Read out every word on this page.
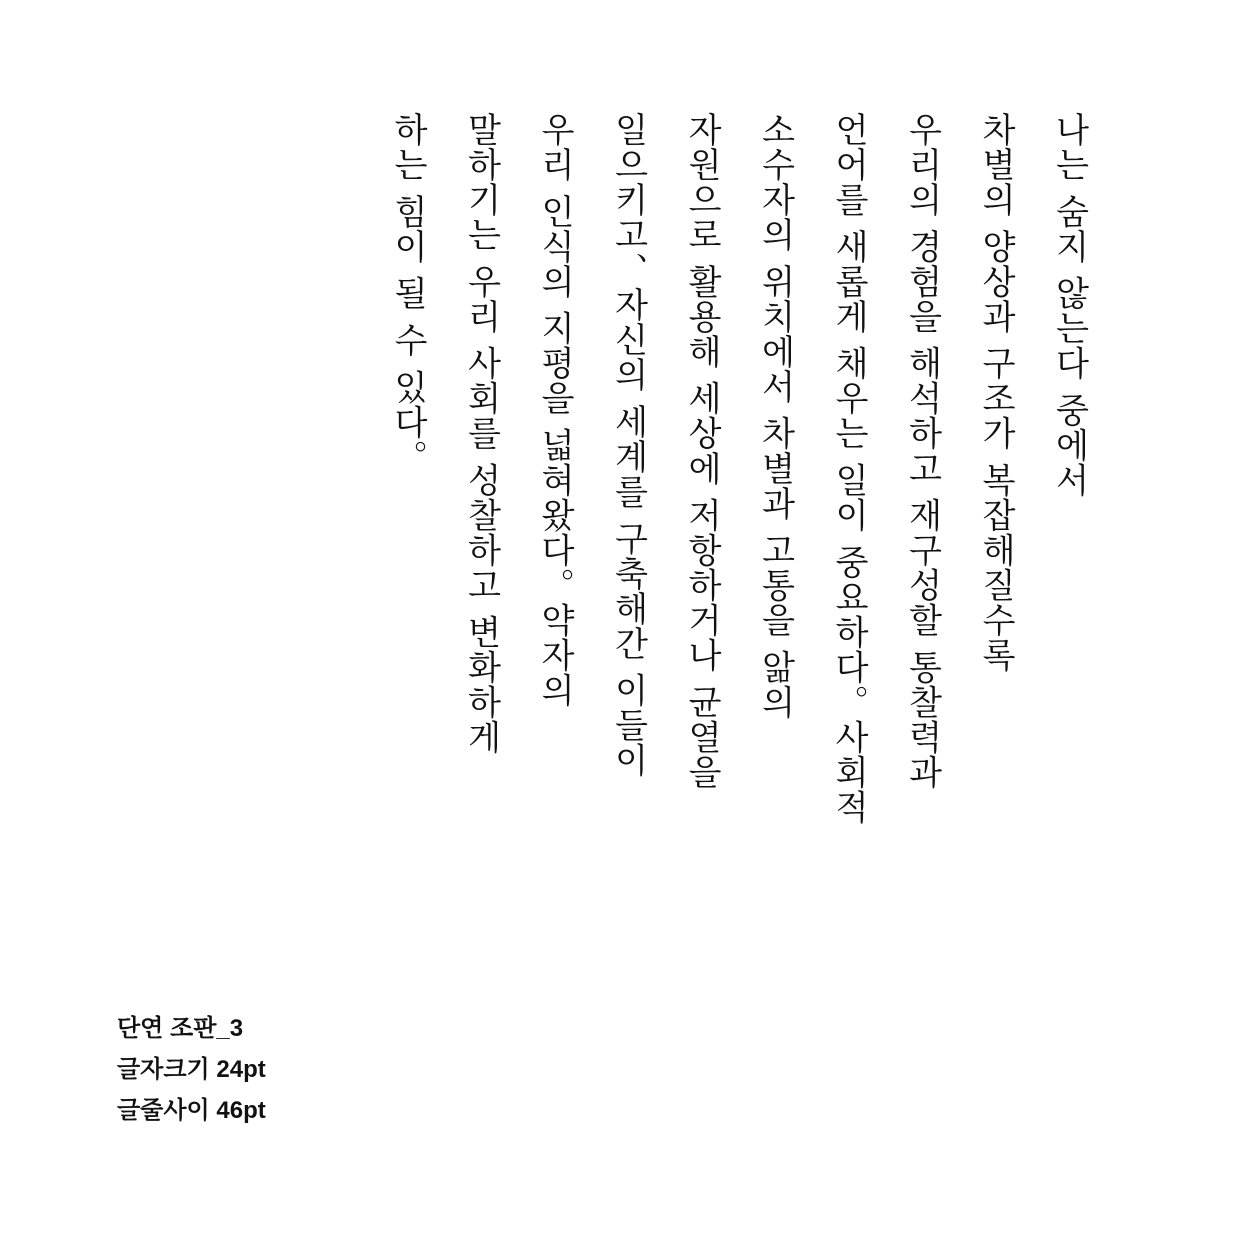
나는 숨지 않는다 중에서
차별의 양상과 구조가 복잡해질수록
우리의 경험을 해석하고 재구성할 통찰력과
언어를 새롭게 채우는 일이 중요하다。사회적
소수자의 위치에서 차별과 고통을 앎의
자원으로 활용해 세상에 저항하거나 균열을
일으키고、자신의 세계를 구축해간 이들이
우리 인식의 지평을 넓혀왔다。약자의
말하기는 우리 사회를 성찰하고 변화하게
하는 힘이 될 수 있다。
단연 조판_3
글자크기 24pt
글줄사이 46pt
